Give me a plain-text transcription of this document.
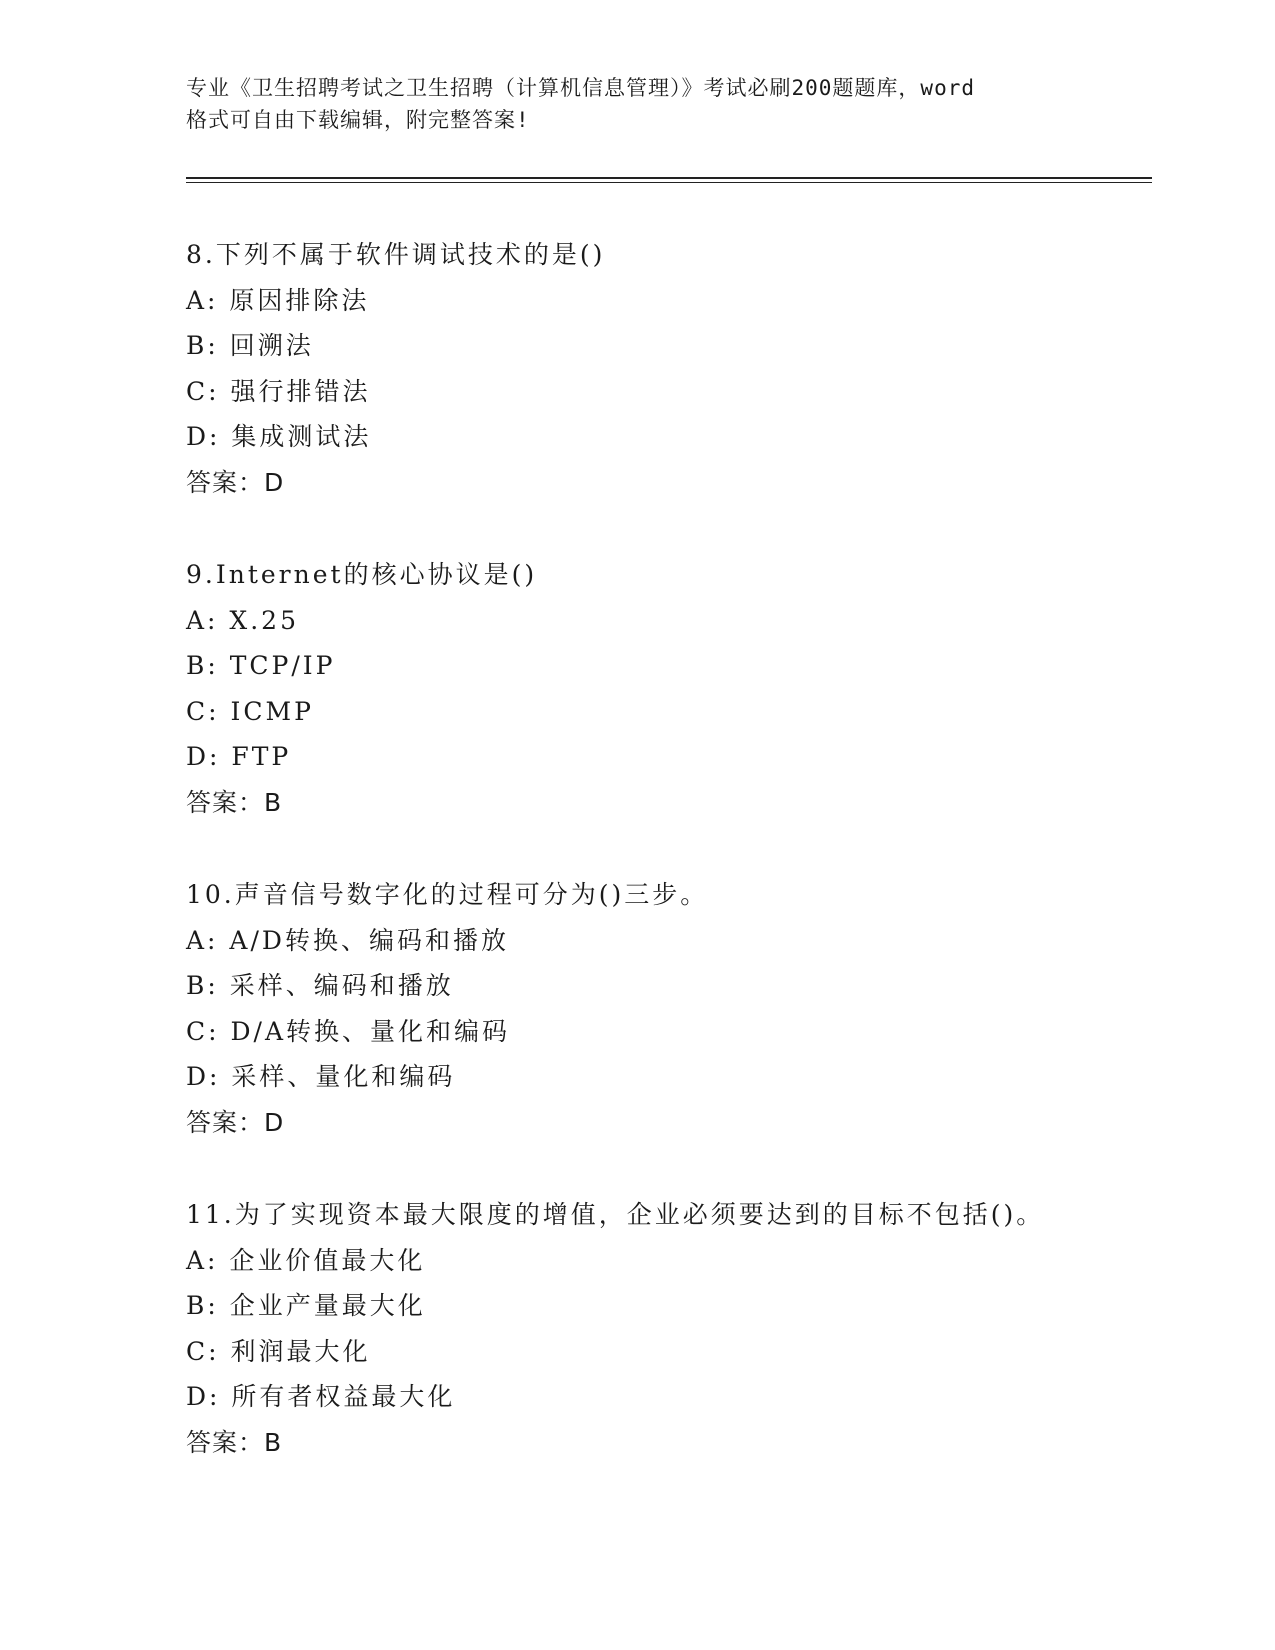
专业《卫生招聘考试之卫生招聘（计算机信息管理）》考试必刷200题题库，word
格式可自由下载编辑，附完整答案!
8.下列不属于软件调试技术的是()
A: 原因排除法
B: 回溯法
C: 强行排错法
D: 集成测试法
答案：D
9.Internet的核心协议是()
A: X.25
B: TCP/IP
C: ICMP
D: FTP
答案：B
10.声音信号数字化的过程可分为()三步。
A: A/D转换、编码和播放
B: 采样、编码和播放
C: D/A转换、量化和编码
D: 采样、量化和编码
答案：D
11.为了实现资本最大限度的增值，企业必须要达到的目标不包括()。
A: 企业价值最大化
B: 企业产量最大化
C: 利润最大化
D: 所有者权益最大化
答案：B
